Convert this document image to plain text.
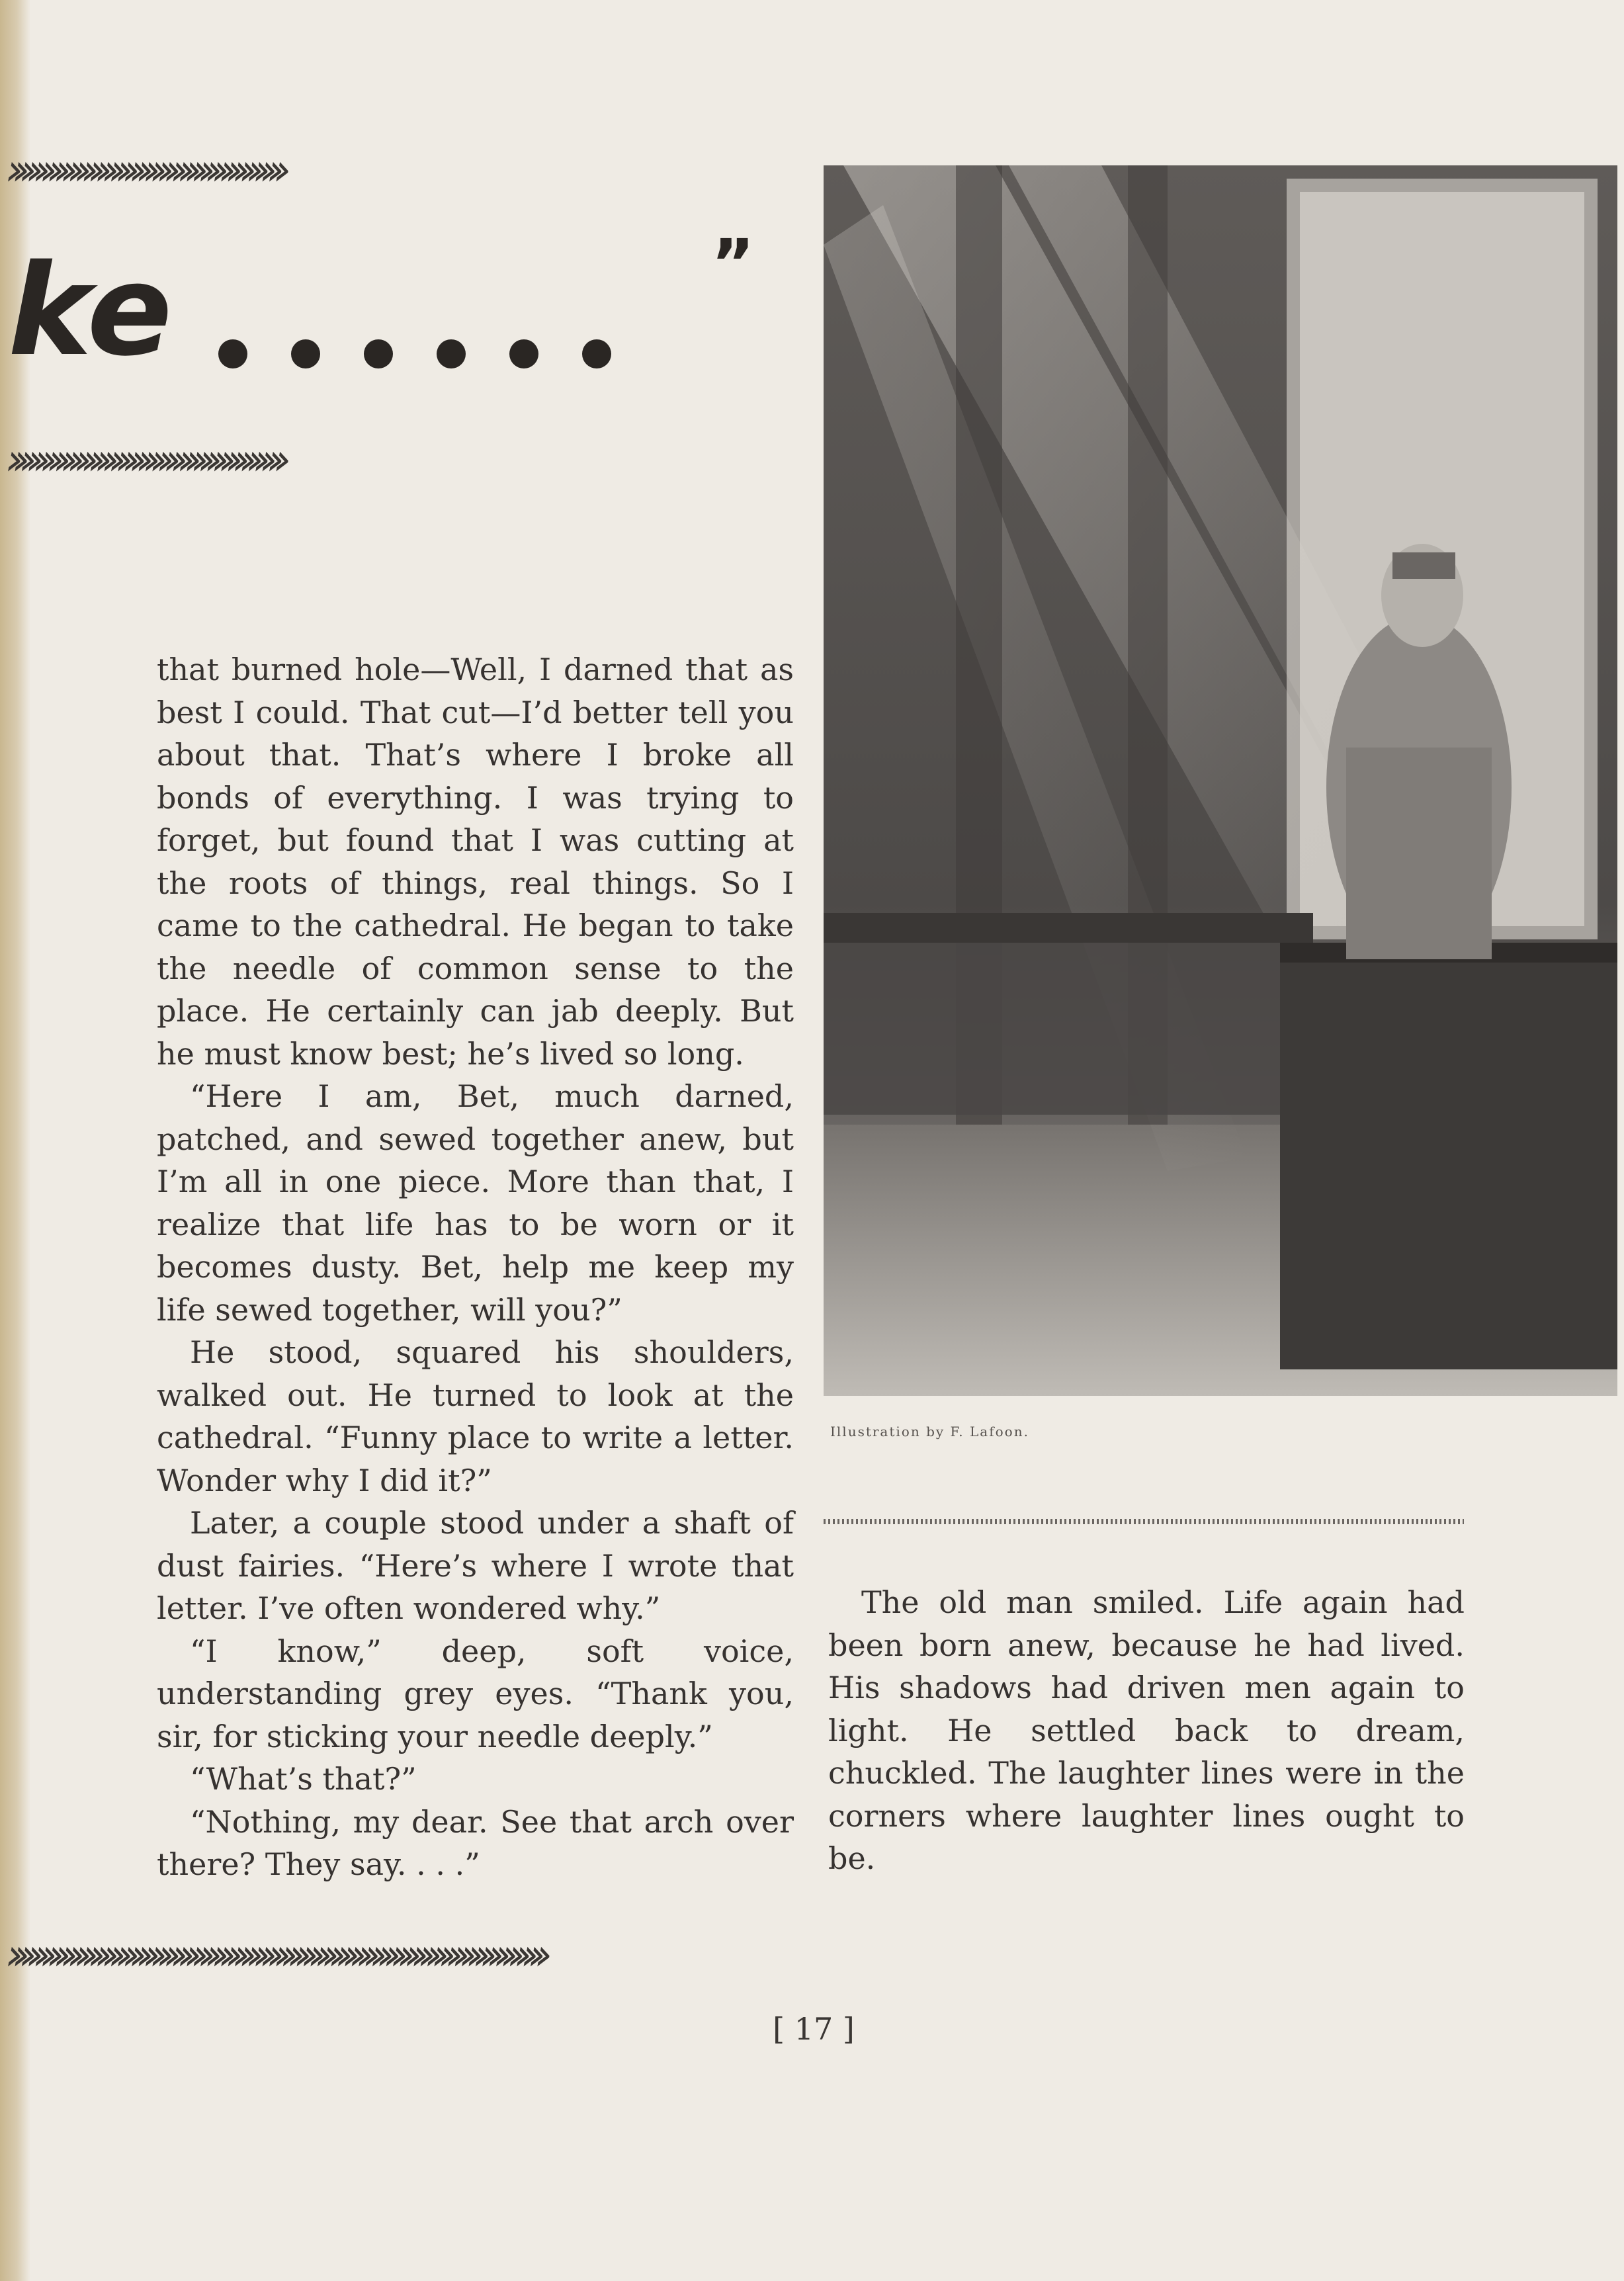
››››››››››››››››››››››››››››››››››››››››
ke	”
››››››››››››››››››››››››››››››››››››››››

that burned hole—Well, I darned that as best I could. That cut—I’d better tell you about that. That’s where I broke all bonds of everything. I was trying to forget, but found that I was cutting at the roots of things, real things. So I came to the cathedral. He began to take the needle of common sense to the place. He certainly can jab deeply. But he must know best; he’s lived so long.

“Here I am, Bet, much darned, patched, and sewed together anew, but I’m all in one piece. More than that, I realize that life has to be worn or it becomes dusty. Bet, help me keep my life sewed together, will you?”

He stood, squared his shoulders, walked out. He turned to look at the cathedral. “Funny place to write a letter. Wonder why I did it?”

Later, a couple stood under a shaft of dust fairies. “Here’s where I wrote that letter. I’ve often wondered why.”

“I know,” deep, soft voice, understanding grey eyes. “Thank you, sir, for sticking your needle deeply.”

“What’s that?”

“Nothing, my dear. See that arch over there? They say. . . .”

Illustration by F. Lafoon.

The old man smiled. Life again had been born anew, because he had lived. His shadows had driven men again to light. He settled back to dream, chuckled. The laughter lines were in the corners where laughter lines ought to be.

››››››››››››››››››››››››››››››››››››››››››››››››››››››››››››››››››››››››››››››
[ 17 ]
